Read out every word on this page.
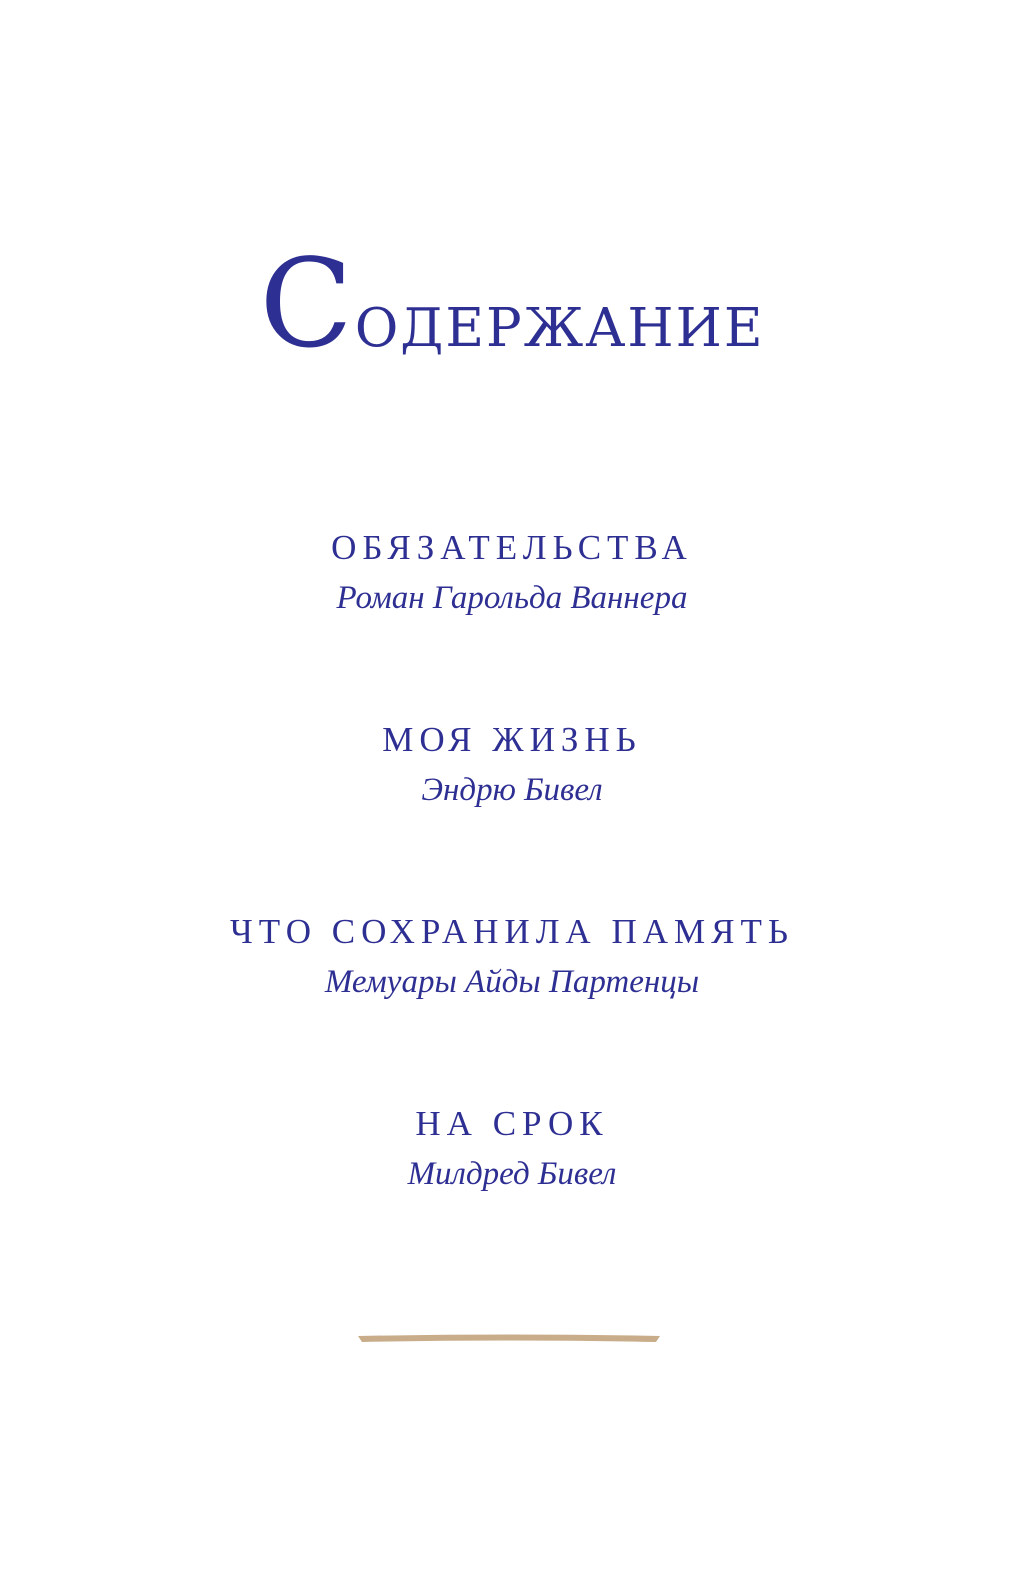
Содержание
ОБЯЗАТЕЛЬСТВА
Роман Гарольда Ваннера
МОЯ ЖИЗНЬ
Эндрю Бивел
ЧТО СОХРАНИЛА ПАМЯТЬ
Мемуары Айды Партенцы
НА СРОК
Милдред Бивел
